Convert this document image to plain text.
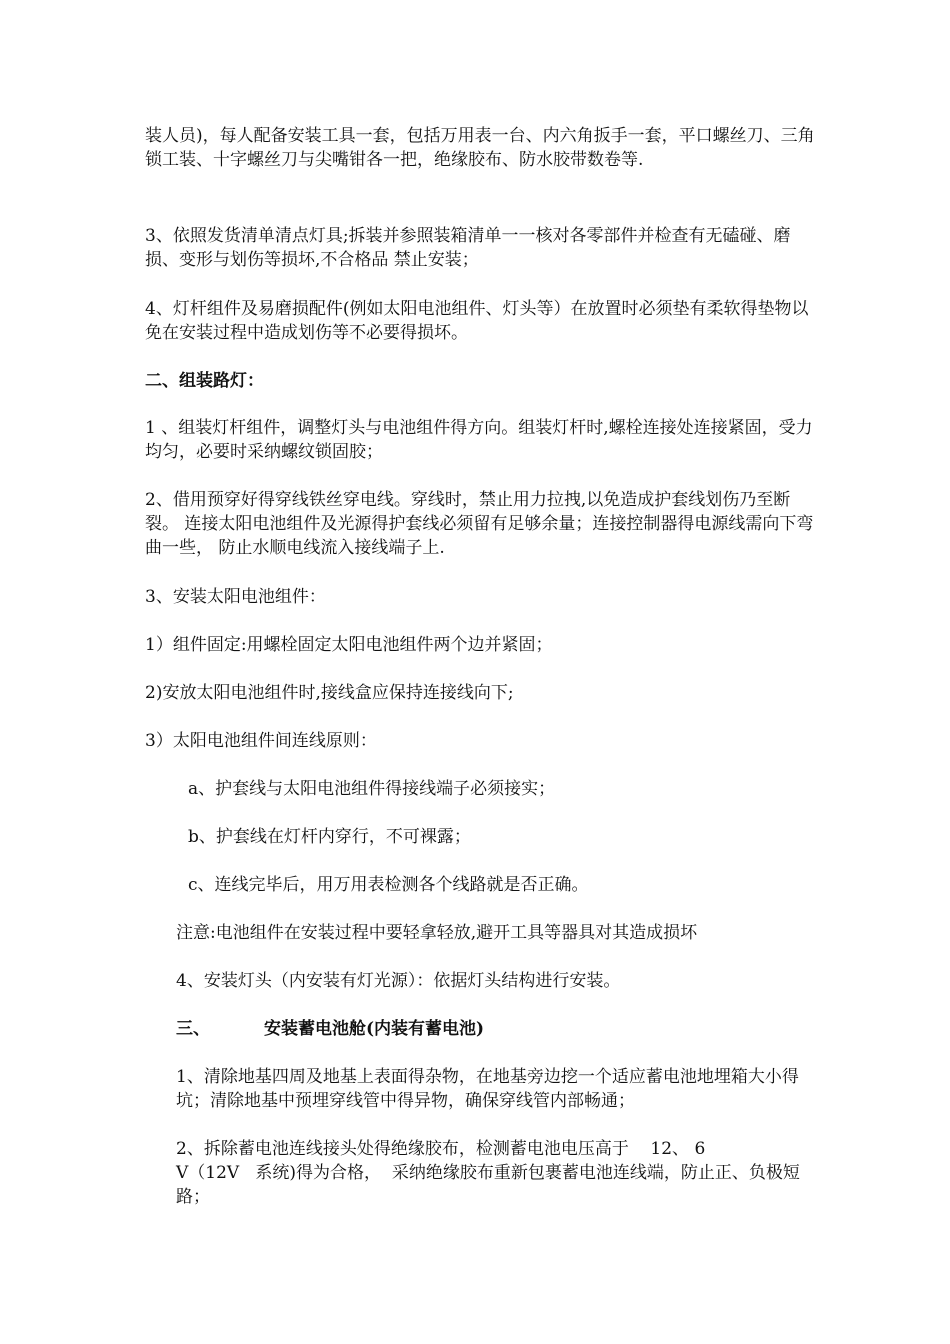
装人员)，每人配备安装工具一套，包括万用表一台、内六角扳手一套，平口螺丝刀、三角锁工装、十字螺丝刀与尖嘴钳各一把，绝缘胶布、防水胶带数卷等.

3、依照发货清单清点灯具;拆装并参照装箱清单一一核对各零部件并检查有无磕碰、磨损、变形与划伤等损坏,不合格品 禁止安装；

4、灯杆组件及易磨损配件(例如太阳电池组件、灯头等）在放置时必须垫有柔软得垫物以免在安装过程中造成划伤等不必要得损坏。

二、组装路灯：

1 、组装灯杆组件，调整灯头与电池组件得方向。组装灯杆时,螺栓连接处连接紧固，受力均匀，必要时采纳螺纹锁固胶；

2、借用预穿好得穿线铁丝穿电线。穿线时，禁止用力拉拽,以免造成护套线划伤乃至断裂。 连接太阳电池组件及光源得护套线必须留有足够余量；连接控制器得电源线需向下弯曲一些， 防止水顺电线流入接线端子上.

3、安装太阳电池组件：

1）组件固定:用螺栓固定太阳电池组件两个边并紧固；

2)安放太阳电池组件时,接线盒应保持连接线向下;

3）太阳电池组件间连线原则：

a、护套线与太阳电池组件得接线端子必须接实；

b、护套线在灯杆内穿行，不可裸露；

c、连线完毕后，用万用表检测各个线路就是否正确。

注意:电池组件在安装过程中要轻拿轻放,避开工具等器具对其造成损坏

4、安装灯头（内安装有灯光源）：依据灯头结构进行安装。

三、	安装蓄电池舱(内装有蓄电池)

1、清除地基四周及地基上表面得杂物，在地基旁边挖一个适应蓄电池地埋箱大小得坑；清除地基中预埋穿线管中得异物，确保穿线管内部畅通；

2、拆除蓄电池连线接头处得绝缘胶布，检测蓄电池电压高于    12、 6

V（12V   系统)得为合格，  采纳绝缘胶布重新包裹蓄电池连线端，防止正、负极短路；
